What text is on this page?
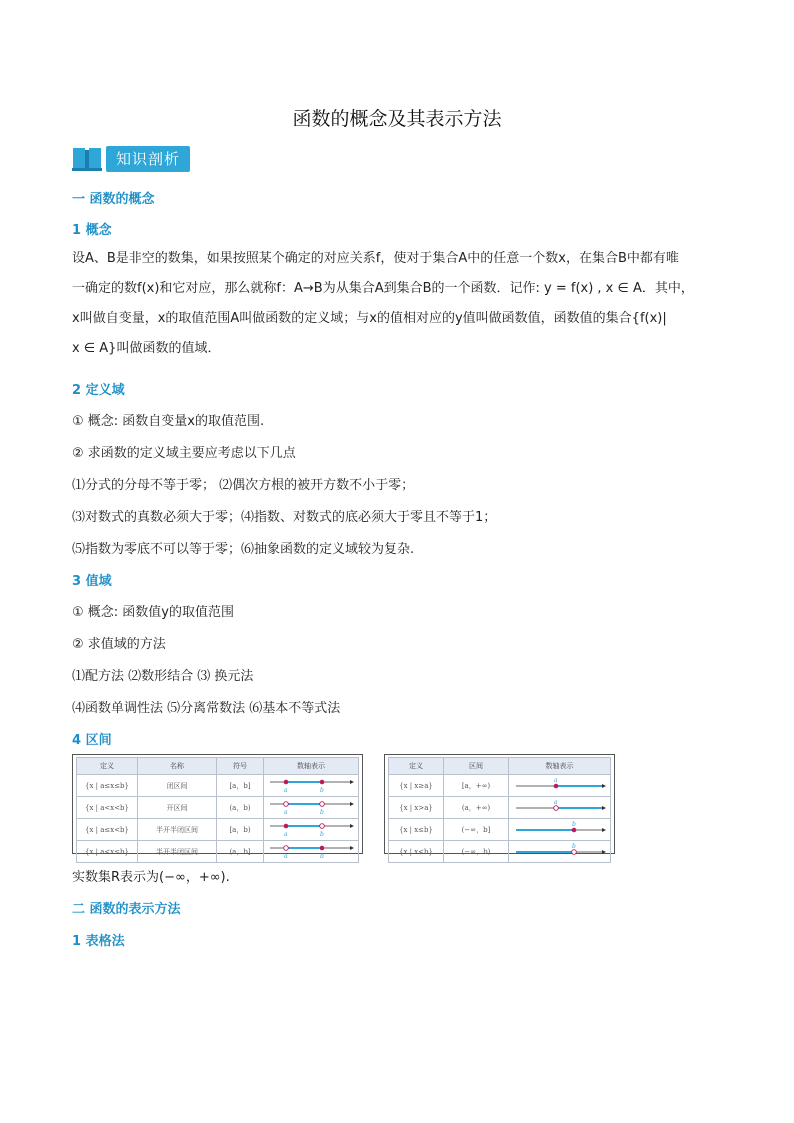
函数的概念及其表示方法
知识剖析
一 函数的概念
1 概念
设A、B是非空的数集，如果按照某个确定的对应关系f，使对于集合A中的任意一个数x，在集合B中都有唯
一确定的数f(x)和它对应，那么就称f：A→B为从集合A到集合B的一个函数．记作: y = f(x) , x ∈ A．其中，
x叫做自变量，x的取值范围A叫做函数的定义域；与x的值相对应的y值叫做函数值，函数值的集合{f(x)|
x ∈ A}叫做函数的值域．
2 定义域
① 概念: 函数自变量x的取值范围.
② 求函数的定义域主要应考虑以下几点
⑴分式的分母不等于零； ⑵偶次方根的被开方数不小于零；
⑶对数式的真数必须大于零；⑷指数、对数式的底必须大于零且不等于1；
⑸指数为零底不可以等于零；⑹抽象函数的定义域较为复杂.
3 值域
① 概念: 函数值y的取值范围
② 求值域的方法
⑴配方法 ⑵数形结合 ⑶ 换元法
⑷函数单调性法 ⑸分离常数法 ⑹基本不等式法
4 区间
定义	名称	符号	数轴表示
{x | a≤x≤b}	闭区间	[a，b]	a b

{x | a<x<b}	开区间	(a，b)	a b

{x | a≤x<b}	半开半闭区间	[a，b)	a b

{x | a<x≤b}	半开半闭区间	(a，b]	a b
定义	区间	数轴表示
{x | x≥a}	[a，+∞)	a

{x | x>a}	(a，+∞)	a

{x | x≤b}	(−∞，b]	b

{x | x<b}	(−∞，b)	b
实数集R表示为(−∞，+∞).
二 函数的表示方法
1 表格法
